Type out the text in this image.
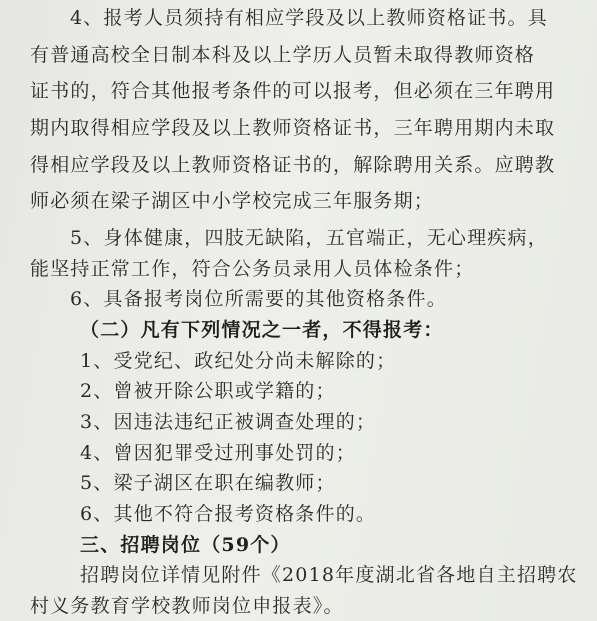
4、报考人员须持有相应学段及以上教师资格证书。具
有普通高校全日制本科及以上学历人员暂未取得教师资格
证书的，符合其他报考条件的可以报考，但必须在三年聘用
期内取得相应学段及以上教师资格证书，三年聘用期内未取
得相应学段及以上教师资格证书的，解除聘用关系。应聘教
师必须在梁子湖区中小学校完成三年服务期；
5、身体健康，四肢无缺陷，五官端正，无心理疾病，
能坚持正常工作，符合公务员录用人员体检条件；
6、具备报考岗位所需要的其他资格条件。
（二）凡有下列情况之一者，不得报考：
1、受党纪、政纪处分尚未解除的；
2、曾被开除公职或学籍的；
3、因违法违纪正被调查处理的；
4、曾因犯罪受过刑事处罚的；
5、梁子湖区在职在编教师；
6、其他不符合报考资格条件的。
三、招聘岗位（59个）
招聘岗位详情见附件《2018年度湖北省各地自主招聘农
村义务教育学校教师岗位申报表》。
